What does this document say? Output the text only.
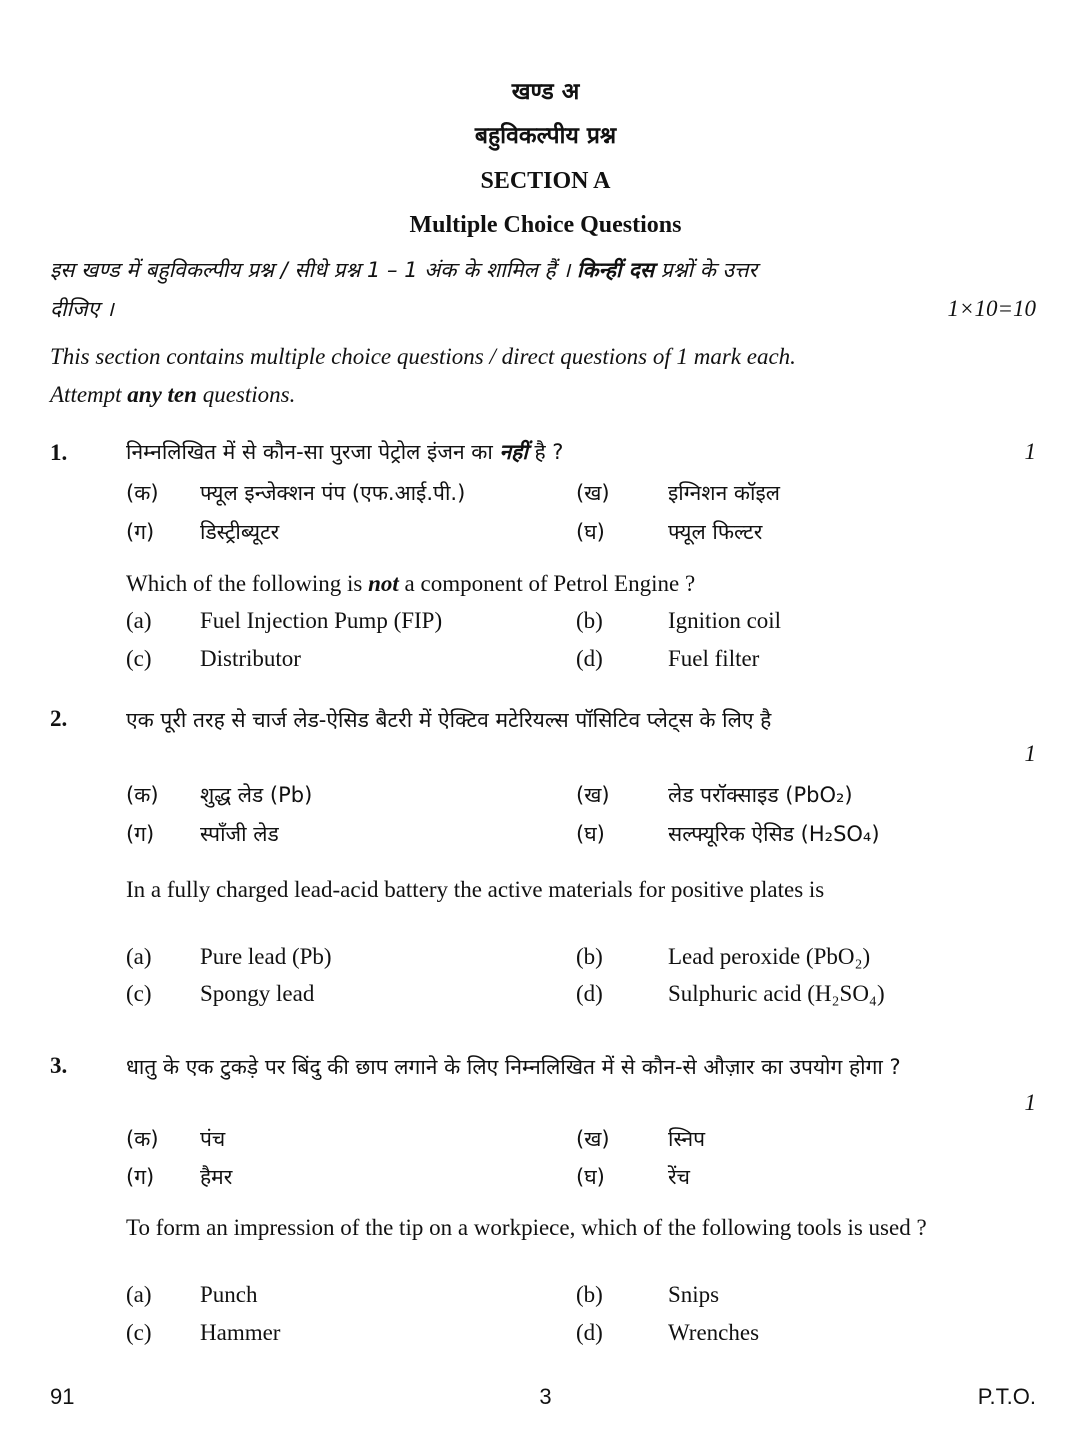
खण्ड अ
बहुविकल्पीय प्रश्न
SECTION A
Multiple Choice Questions
इस खण्ड में बहुविकल्पीय प्रश्न / सीधे प्रश्न 1 – 1 अंक के शामिल हैं । किन्हीं दस प्रश्नों के उत्तर
दीजिए ।	1×10=10
This section contains multiple choice questions / direct questions of 1 mark each.
Attempt any ten questions.
1.	1
निम्नलिखित में से कौन-सा पुरजा पेट्रोल इंजन का नहीं है ?
(क) फ्यूल इन्जेक्शन पंप (एफ.आई.पी.)	(ख)	इग्निशन कॉइल
(ग) डिस्ट्रीब्यूटर	(घ)	फ्यूल फिल्टर
Which of the following is not a component of Petrol Engine ?
(a) Fuel Injection Pump (FIP)	(b)	Ignition coil
(c) Distributor	(d)	Fuel filter
2.
1
एक पूरी तरह से चार्ज लेड-ऐसिड बैटरी में ऐक्टिव मटेरियल्स पॉसिटिव प्लेट्स के लिए है
(क) शुद्ध लेड (Pb)	(ख)	लेड परॉक्साइड (PbO₂)
(ग) स्पाँजी लेड	(घ)	सल्फ्यूरिक ऐसिड (H₂SO₄)
In a fully charged lead-acid battery the active materials for positive plates is
(a) Pure lead (Pb)	(b)	Lead peroxide (PbO₂)
(c) Spongy lead	(d)	Sulphuric acid (H₂SO₄)
3.
1
धातु के एक टुकड़े पर बिंदु की छाप लगाने के लिए निम्नलिखित में से कौन-से औज़ार का उपयोग होगा ?
(क) पंच	(ख)	स्निप
(ग) हैमर	(घ)	रेंच
To form an impression of the tip on a workpiece, which of the following tools is used ?
(a) Punch	(b)	Snips
(c) Hammer	(d)	Wrenches
91	3	P.T.O.
